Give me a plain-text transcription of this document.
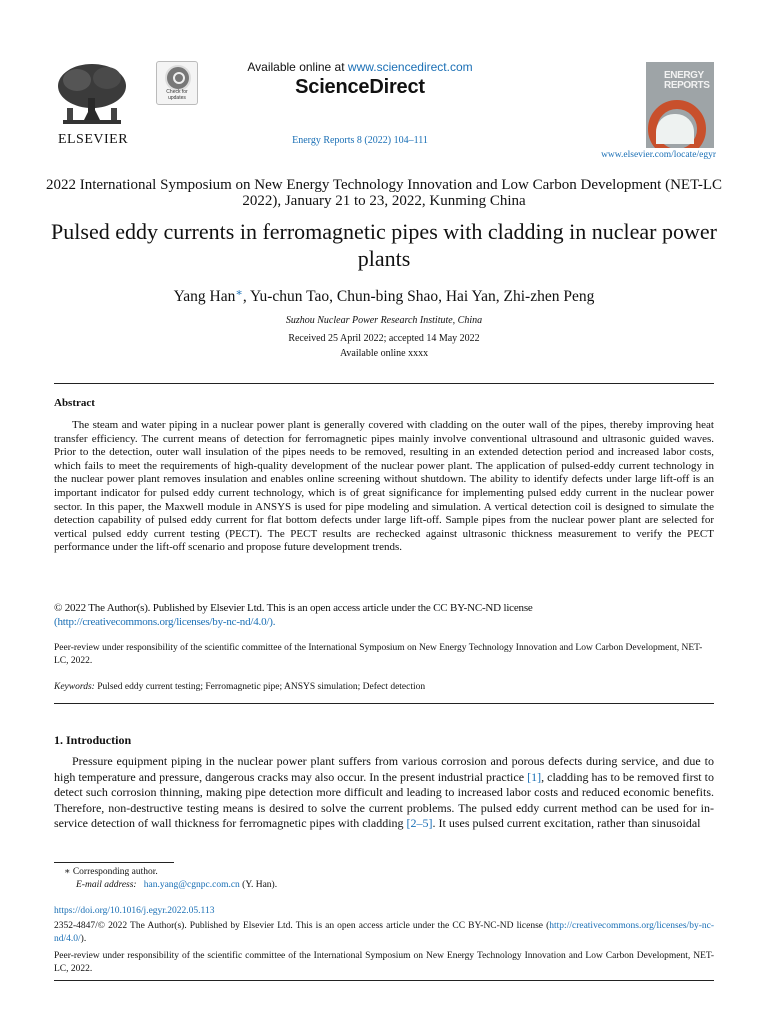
ELSEVIER
Check for updates
Available online at www.sciencedirect.com
ScienceDirect
Energy Reports 8 (2022) 104–111
ENERGY REPORTS
www.elsevier.com/locate/egyr
2022 International Symposium on New Energy Technology Innovation and Low Carbon Development (NET-LC 2022), January 21 to 23, 2022, Kunming China
Pulsed eddy currents in ferromagnetic pipes with cladding in nuclear power plants
Yang Han∗, Yu-chun Tao, Chun-bing Shao, Hai Yan, Zhi-zhen Peng
Suzhou Nuclear Power Research Institute, China
Received 25 April 2022; accepted 14 May 2022
Available online xxxx
Abstract

The steam and water piping in a nuclear power plant is generally covered with cladding on the outer wall of the pipes, thereby improving heat transfer efficiency. The current means of detection for ferromagnetic pipes mainly involve conventional ultrasound and ultrasonic guided waves. Prior to the detection, outer wall insulation of the pipes needs to be removed, resulting in an extended detection period and increased labor costs, which fails to meet the requirements of high-quality development of the nuclear power plant. The application of pulsed-eddy current technology in the nuclear power plant removes insulation and enables online screening without shutdown. The ability to identify defects under large lift-off is an important indicator for pulsed eddy current technology, which is of great significance for implementing pulsed eddy current in the nuclear power sector. In this paper, the Maxwell module in ANSYS is used for pipe modeling and simulation. A vertical detection coil is designed to simulate the detection capability of pulsed eddy current for flat bottom defects under large lift-off. Sample pipes from the nuclear power plant are selected for vertical pulsed eddy current testing (PECT). The PECT results are rechecked against ultrasonic thickness measurement to verify the PECT performance under the lift-off scenario and propose future development trends.

© 2022 The Author(s). Published by Elsevier Ltd. This is an open access article under the CC BY-NC-ND license
(http://creativecommons.org/licenses/by-nc-nd/4.0/).
Peer-review under responsibility of the scientific committee of the International Symposium on New Energy Technology Innovation and Low Carbon Development, NET-LC, 2022.
Keywords: Pulsed eddy current testing; Ferromagnetic pipe; ANSYS simulation; Defect detection
1. Introduction

Pressure equipment piping in the nuclear power plant suffers from various corrosion and porous defects during service, and due to high temperature and pressure, dangerous cracks may also occur. In the present industrial practice [1], cladding has to be removed first to detect such corrosion thinning, making pipe detection more difficult and leading to increased labor costs and reduced economic benefits. Therefore, non-destructive testing means is desired to solve the current problems. The pulsed eddy current method can be used for in-service detection of wall thickness for ferromagnetic pipes with cladding [2–5]. It uses pulsed current excitation, rather than sinusoidal

∗ Corresponding author.
E-mail address: han.yang@cgnpc.com.cn (Y. Han).
https://doi.org/10.1016/j.egyr.2022.05.113
2352-4847/© 2022 The Author(s). Published by Elsevier Ltd. This is an open access article under the CC BY-NC-ND license (http://creativecommons.org/licenses/by-nc-nd/4.0/).
Peer-review under responsibility of the scientific committee of the International Symposium on New Energy Technology Innovation and Low Carbon Development, NET-LC, 2022.
